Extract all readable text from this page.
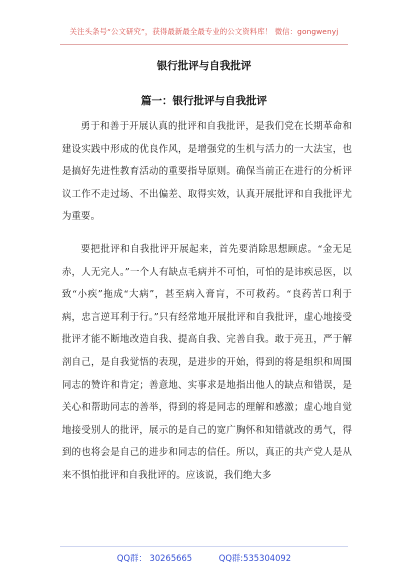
关注头条号“公文研究”，获得最新最全最专业的公文资料库！ 微信：gongwenyj
银行批评与自我批评
篇一：银行批评与自我批评

勇于和善于开展认真的批评和自我批评，是我们党在长期革命和建设实践中形成的优良作风，是增强党的生机与活力的一大法宝，也是搞好先进性教育活动的重要指导原则。确保当前正在进行的分析评议工作不走过场、不出偏差、取得实效，认真开展批评和自我批评尤为重要。

要把批评和自我批评开展起来，首先要消除思想顾虑。“金无足赤，人无完人。”一个人有缺点毛病并不可怕，可怕的是讳疾忌医，以致“小疾”拖成“大病”，甚至病入膏肓，不可救药。“良药苦口利于病，忠言逆耳利于行。”只有经常地开展批评和自我批评，虚心地接受批评才能不断地改造自我、提高自我、完善自我。敢于亮丑，严于解剖自己，是自我觉悟的表现，是进步的开始，得到的将是组织和周围同志的赞许和肯定；善意地、实事求是地指出他人的缺点和错误，是关心和帮助同志的善举，得到的将是同志的理解和感激；虚心地自觉地接受别人的批评，展示的是自己的宽广胸怀和知错就改的勇气，得到的也将会是自己的进步和同志的信任。所以，真正的共产党人是从来不惧怕批评和自我批评的。应该说，我们绝大多

QQ群： 30265665          QQ群:535304092
